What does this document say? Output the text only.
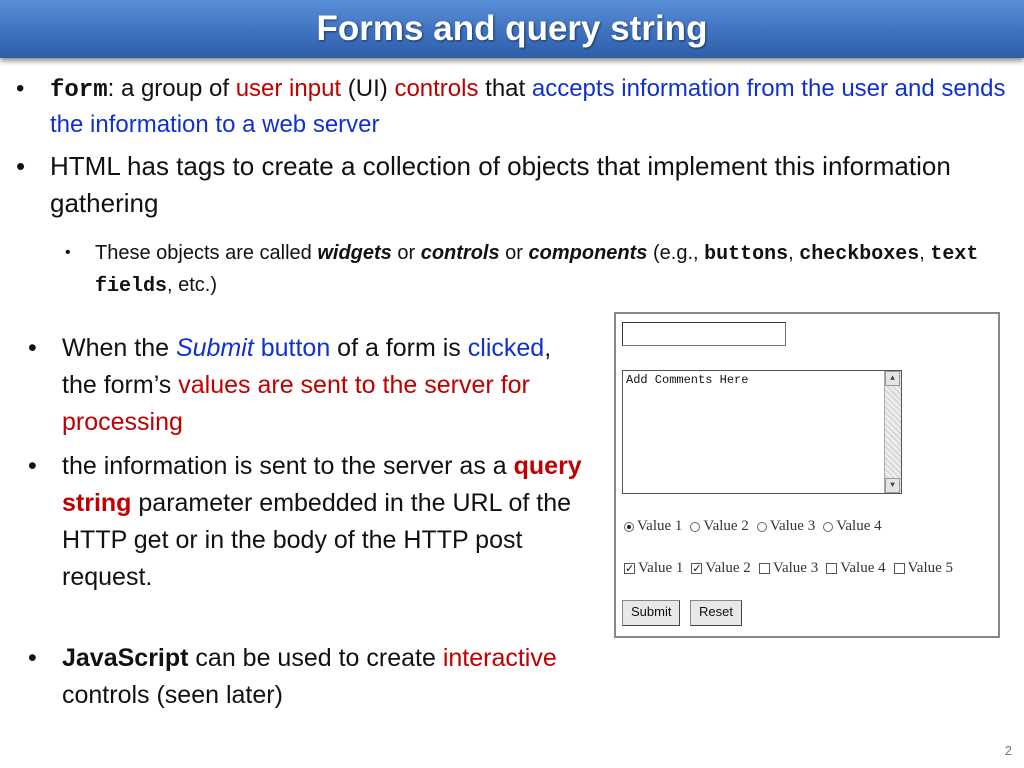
Forms and query string
• form: a group of user input (UI) controls that accepts information from the user and sends the information to a web server
• HTML has tags to create a collection of objects that implement this information gathering
• These objects are called widgets or controls or components (e.g., buttons, checkboxes, text fields, etc.)
• When the Submit button of a form is clicked, the form’s values are sent to the server for processing
• the information is sent to the server as a query string parameter embedded in the URL of the HTTP get or in the body of the HTTP post request.
• JavaScript can be used to create interactive controls (seen later)
Add Comments Here	▲
▼
Value 1 Value 2 Value 3 Value 4
✓ Value 1 ✓ Value 2 Value 3 Value 4 Value 5
Submit	Reset
2
